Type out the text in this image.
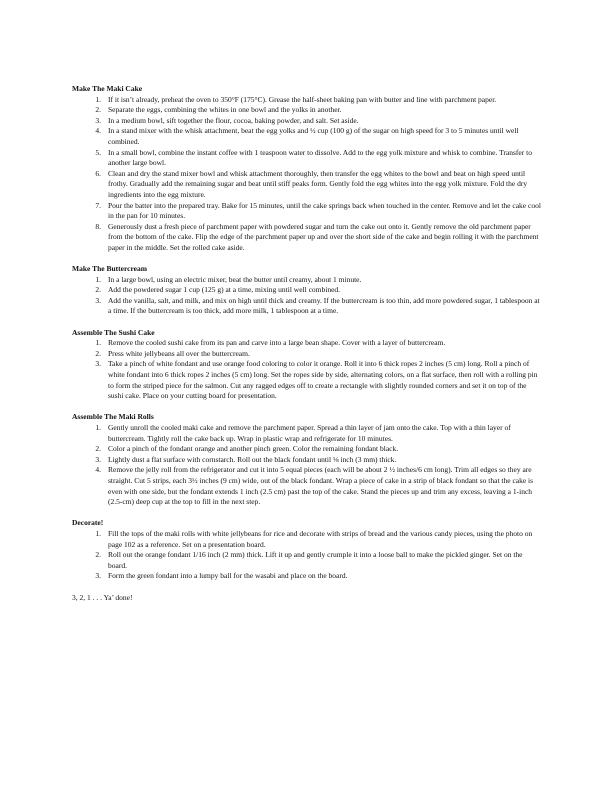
Make The Maki Cake

1. If it isn’t already, preheat the oven to 350°F (175°C). Grease the half-sheet baking pan with butter and line with parchment paper.
2. Separate the eggs, combining the whites in one bowl and the yolks in another.
3. In a medium bowl, sift together the flour, cocoa, baking powder, and salt. Set aside.
4. In a stand mixer with the whisk attachment, beat the egg yolks and ½ cup (100 g) of the sugar on high speed for 3 to 5 minutes until well combined.
5. In a small bowl, combine the instant coffee with 1 teaspoon water to dissolve. Add to the egg yolk mixture and whisk to combine. Transfer to another large bowl.
6. Clean and dry the stand mixer bowl and whisk attachment thoroughly, then transfer the egg whites to the bowl and beat on high speed until frothy. Gradually add the remaining sugar and beat until stiff peaks form. Gently fold the egg whites into the egg yolk mixture. Fold the dry ingredients into the egg mixture.
7. Pour the batter into the prepared tray. Bake for 15 minutes, until the cake springs back when touched in the center. Remove and let the cake cool in the pan for 10 minutes.
8. Generously dust a fresh piece of parchment paper with powdered sugar and turn the cake out onto it. Gently remove the old parchment paper from the bottom of the cake. Flip the edge of the parchment paper up and over the short side of the cake and begin rolling it with the parchment paper in the middle. Set the rolled cake aside.

Make The Buttercream

1. In a large bowl, using an electric mixer, beat the butter until creamy, about 1 minute.
2. Add the powdered sugar 1 cup (125 g) at a time, mixing until well combined.
3. Add the vanilla, salt, and milk, and mix on high until thick and creamy. If the buttercream is too thin, add more powdered sugar, 1 tablespoon at a time. If the buttercream is too thick, add more milk, 1 tablespoon at a time.

Assemble The Sushi Cake

1. Remove the cooled sushi cake from its pan and carve into a large bean shape. Cover with a layer of buttercream.
2. Press white jellybeans all over the buttercream.
3. Take a pinch of white fondant and use orange food coloring to color it orange. Roll it into 6 thick ropes 2 inches (5 cm) long. Roll a pinch of white fondant into 6 thick ropes 2 inches (5 cm) long. Set the ropes side by side, alternating colors, on a flat surface, then roll with a rolling pin to form the striped piece for the salmon. Cut any ragged edges off to create a rectangle with slightly rounded corners and set it on top of the sushi cake. Place on your cutting board for presentation.

Assemble The Maki Rolls

1. Gently unroll the cooled maki cake and remove the parchment paper. Spread a thin layer of jam onto the cake. Top with a thin layer of buttercream. Tightly roll the cake back up. Wrap in plastic wrap and refrigerate for 10 minutes.
2. Color a pinch of the fondant orange and another pinch green. Color the remaining fondant black.
3. Lightly dust a flat surface with cornstarch. Roll out the black fondant until ⅛ inch (3 mm) thick.
4. Remove the jelly roll from the refrigerator and cut it into 5 equal pieces (each will be about 2 ½ inches/6 cm long). Trim all edges so they are straight. Cut 5 strips, each 3½ inches (9 cm) wide, out of the black fondant. Wrap a piece of cake in a strip of black fondant so that the cake is even with one side, but the fondant extends 1 inch (2.5 cm) past the top of the cake. Stand the pieces up and trim any excess, leaving a 1-inch (2.5-cm) deep cup at the top to fill in the next step.

Decorate!

1. Fill the tops of the maki rolls with white jellybeans for rice and decorate with strips of bread and the various candy pieces, using the photo on page 102 as a reference. Set on a presentation board.
2. Roll out the orange fondant 1/16 inch (2 mm) thick. Lift it up and gently crumple it into a loose ball to make the pickled ginger. Set on the board.
3. Form the green fondant into a lumpy ball for the wasabi and place on the board.

3, 2, 1 . . . Ya’ done!
